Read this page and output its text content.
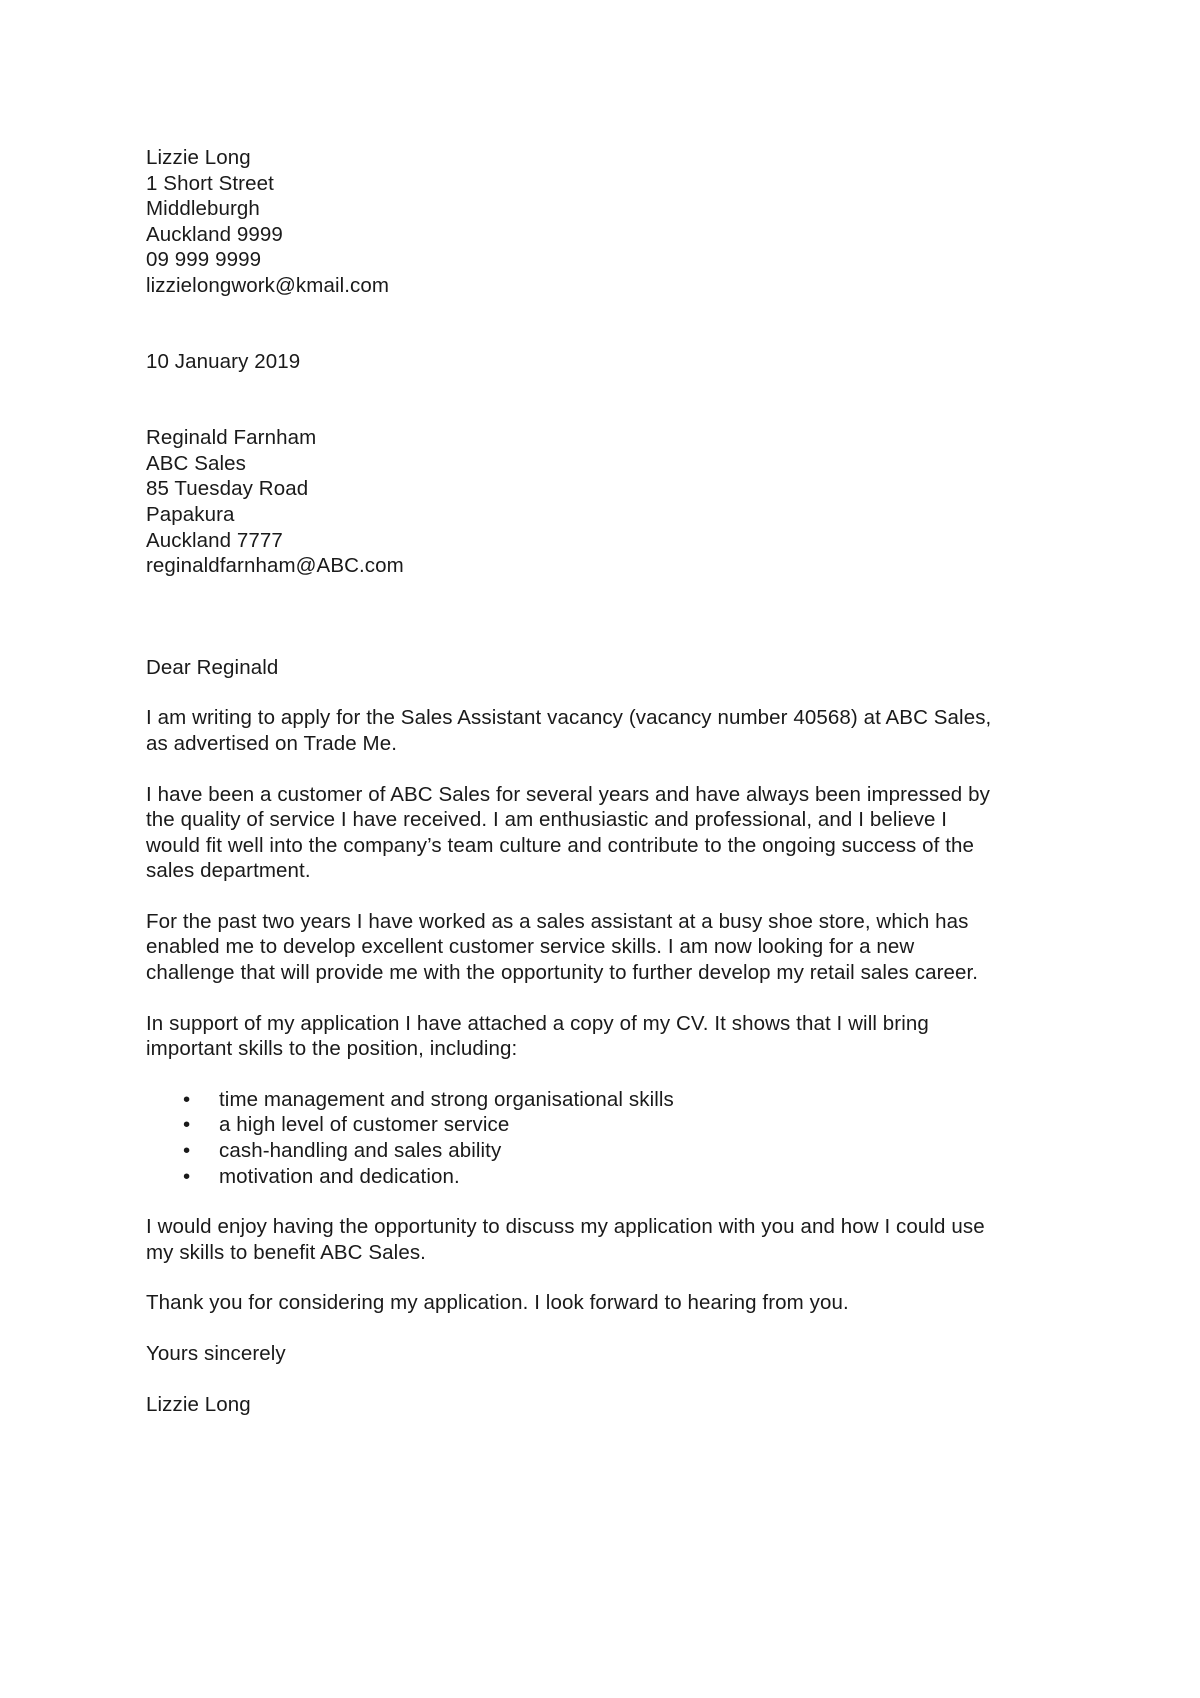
Lizzie Long
1 Short Street
Middleburgh
Auckland 9999
09 999 9999
lizzielongwork@kmail.com
10 January 2019
Reginald Farnham
ABC Sales
85 Tuesday Road
Papakura
Auckland 7777
reginaldfarnham@ABC.com
Dear Reginald
I am writing to apply for the Sales Assistant vacancy (vacancy number 40568) at ABC Sales,
as advertised on Trade Me.
I have been a customer of ABC Sales for several years and have always been impressed by
the quality of service I have received. I am enthusiastic and professional, and I believe I
would fit well into the company’s team culture and contribute to the ongoing success of the
sales department.
For the past two years I have worked as a sales assistant at a busy shoe store, which has
enabled me to develop excellent customer service skills. I am now looking for a new
challenge that will provide me with the opportunity to further develop my retail sales career.
In support of my application I have attached a copy of my CV. It shows that I will bring
important skills to the position, including:
• time management and strong organisational skills
• a high level of customer service
• cash-handling and sales ability
• motivation and dedication.
I would enjoy having the opportunity to discuss my application with you and how I could use
my skills to benefit ABC Sales.
Thank you for considering my application. I look forward to hearing from you.
Yours sincerely
Lizzie Long
